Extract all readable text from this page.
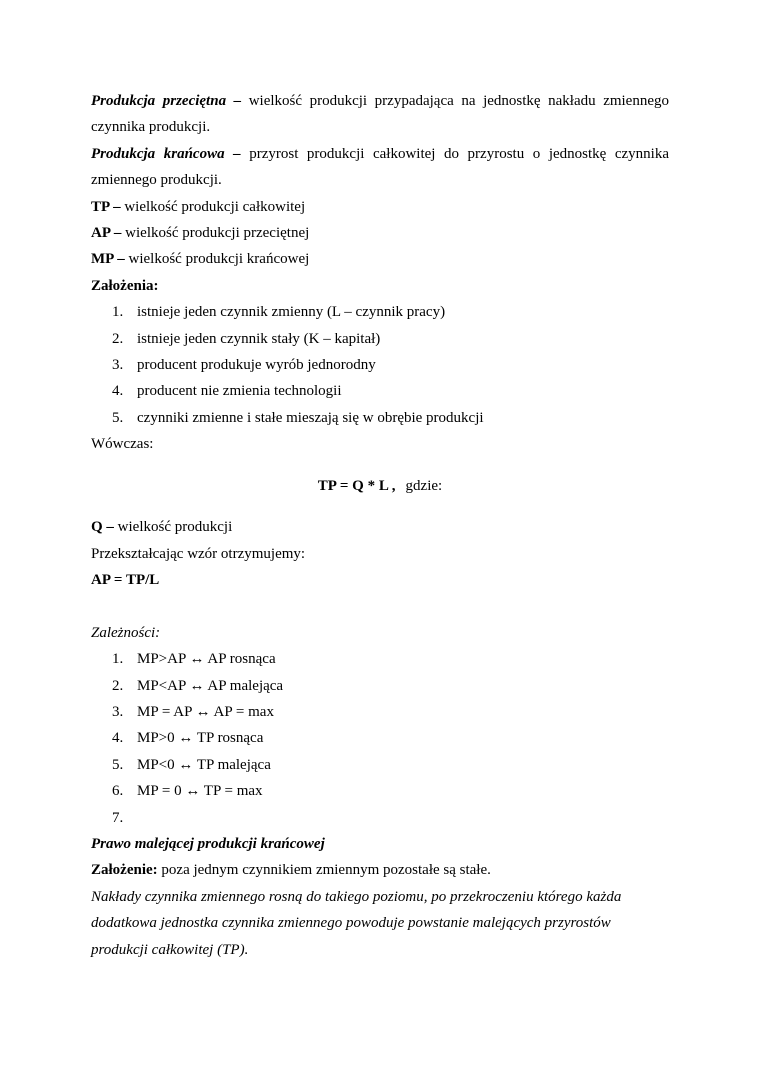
Produkcja przeciętna – wielkość produkcji przypadająca na jednostkę nakładu zmiennego czynnika produkcji.

Produkcja krańcowa – przyrost produkcji całkowitej do przyrostu o jednostkę czynnika zmiennego produkcji.

TP – wielkość produkcji całkowitej

AP – wielkość produkcji przeciętnej

MP – wielkość produkcji krańcowej

Założenia:

1. istnieje jeden czynnik zmienny (L – czynnik pracy)
2. istnieje jeden czynnik stały (K – kapitał)
3. producent produkuje wyrób jednorodny
4. producent nie zmienia technologii
5. czynniki zmienne i stałe mieszają się w obrębie produkcji

Wówczas:

TP = Q * L , gdzie:

Q – wielkość produkcji

Przekształcając wzór otrzymujemy:

AP = TP/L

Zależności:

1. MP>AP ↔ AP rosnąca
2. MP<AP ↔ AP malejąca
3. MP = AP ↔ AP = max
4. MP>0 ↔ TP rosnąca
5. MP<0 ↔ TP malejąca
6. MP = 0 ↔ TP = max
7.

Prawo malejącej produkcji krańcowej

Założenie: poza jednym czynnikiem zmiennym pozostałe są stałe.

Nakłady czynnika zmiennego rosną do takiego poziomu, po przekroczeniu którego każda

dodatkowa jednostka czynnika zmiennego powoduje powstanie malejących przyrostów

produkcji całkowitej (TP).
